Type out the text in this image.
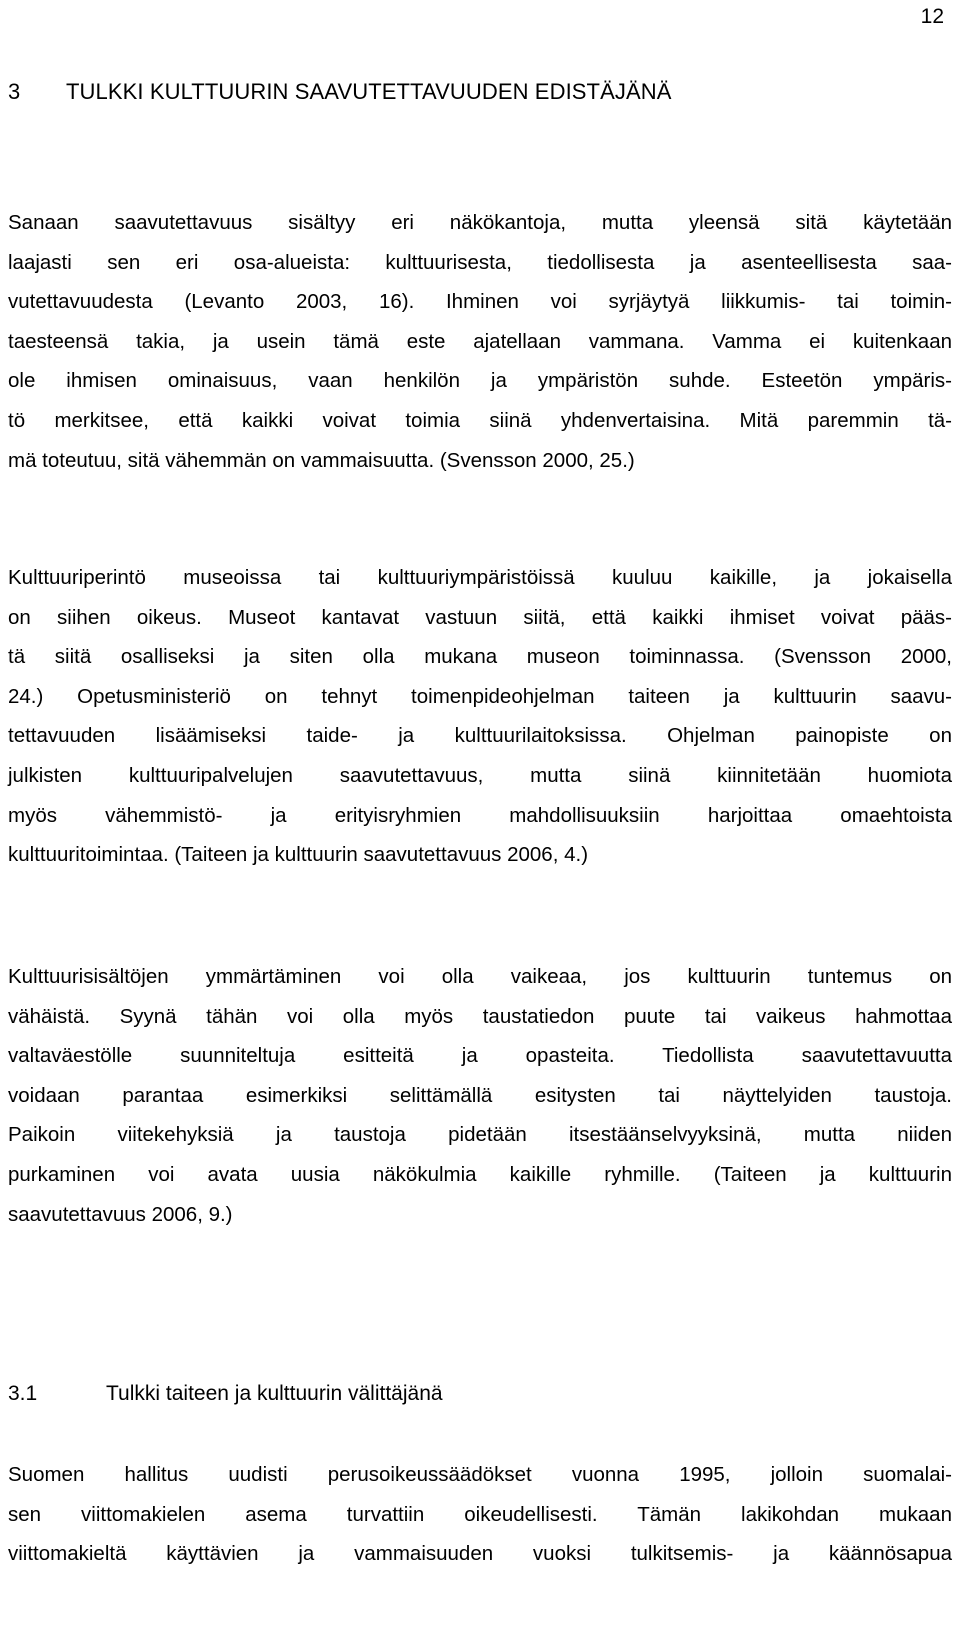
12
3	TULKKI KULTTUURIN SAAVUTETTAVUUDEN EDISTÄJÄNÄ
Sanaan saavutettavuus sisältyy eri näkökantoja, mutta yleensä sitä käytetään
laajasti sen eri osa-alueista: kulttuurisesta, tiedollisesta ja asenteellisesta saa-
vutettavuudesta (Levanto 2003, 16). Ihminen voi syrjäytyä liikkumis- tai toimin-
taesteensä takia, ja usein tämä este ajatellaan vammana. Vamma ei kuitenkaan
ole ihmisen ominaisuus, vaan henkilön ja ympäristön suhde. Esteetön ympäris-
tö merkitsee, että kaikki voivat toimia siinä yhdenvertaisina. Mitä paremmin tä-
mä toteutuu, sitä vähemmän on vammaisuutta. (Svensson 2000, 25.)
Kulttuuriperintö museoissa tai kulttuuriympäristöissä kuuluu kaikille, ja jokaisella
on siihen oikeus. Museot kantavat vastuun siitä, että kaikki ihmiset voivat pääs-
tä siitä osalliseksi ja siten olla mukana museon toiminnassa. (Svensson 2000,
24.) Opetusministeriö on tehnyt toimenpideohjelman taiteen ja kulttuurin saavu-
tettavuuden lisäämiseksi taide- ja kulttuurilaitoksissa. Ohjelman painopiste on
julkisten kulttuuripalvelujen saavutettavuus, mutta siinä kiinnitetään huomiota
myös vähemmistö- ja erityisryhmien mahdollisuuksiin harjoittaa omaehtoista
kulttuuritoimintaa. (Taiteen ja kulttuurin saavutettavuus 2006, 4.)
Kulttuurisisältöjen ymmärtäminen voi olla vaikeaa, jos kulttuurin tuntemus on
vähäistä. Syynä tähän voi olla myös taustatiedon puute tai vaikeus hahmottaa
valtaväestölle suunniteltuja esitteitä ja opasteita. Tiedollista saavutettavuutta
voidaan parantaa esimerkiksi selittämällä esitysten tai näyttelyiden taustoja.
Paikoin viitekehyksiä ja taustoja pidetään itsestäänselvyyksinä, mutta niiden
purkaminen voi avata uusia näkökulmia kaikille ryhmille. (Taiteen ja kulttuurin
saavutettavuus 2006, 9.)
3.1	Tulkki taiteen ja kulttuurin välittäjänä
Suomen hallitus uudisti perusoikeussäädökset vuonna 1995, jolloin suomalai-
sen viittomakielen asema turvattiin oikeudellisesti. Tämän lakikohdan mukaan
viittomakieltä käyttävien ja vammaisuuden vuoksi tulkitsemis- ja käännösapua
